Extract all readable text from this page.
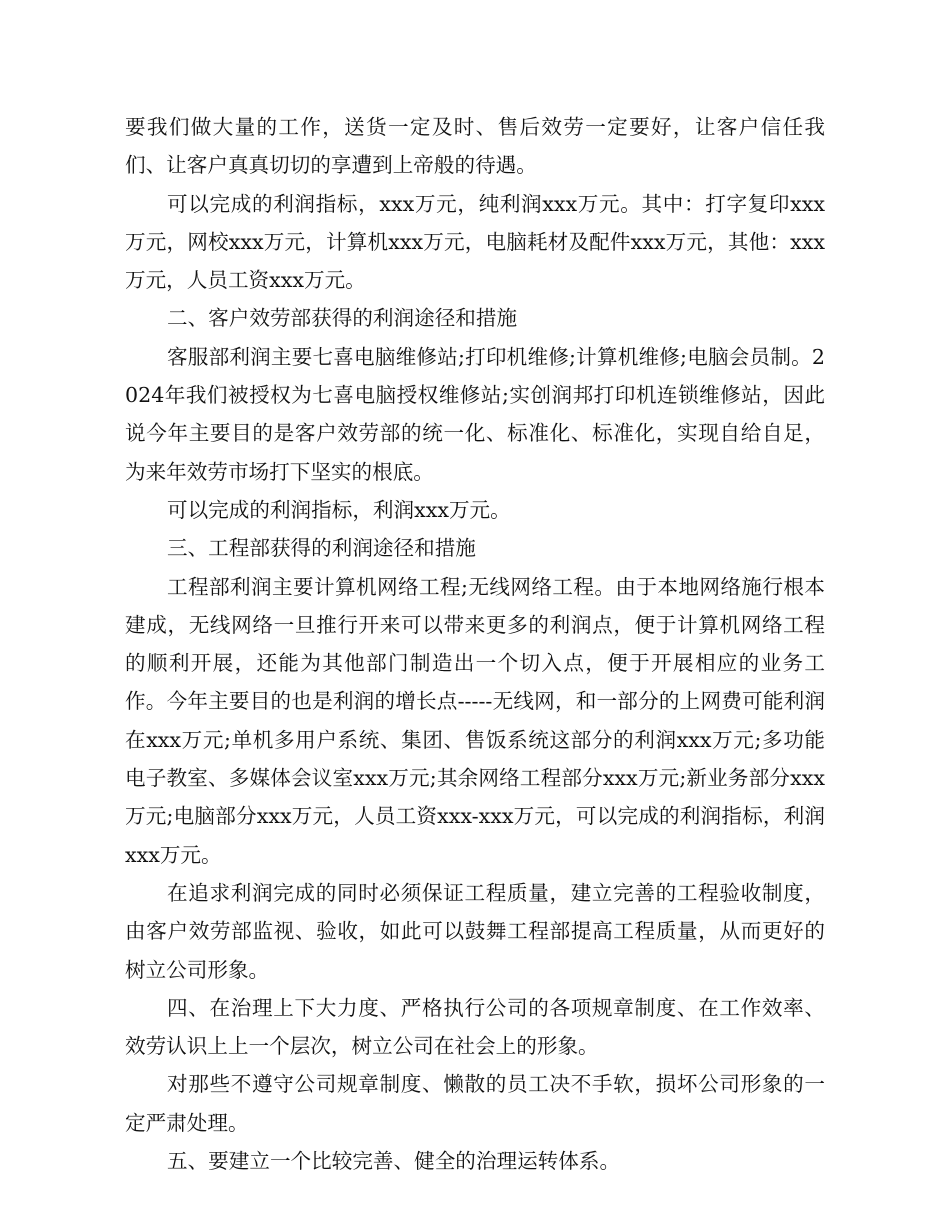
要我们做大量的工作，送货一定及时、售后效劳一定要好，让客户信任我们、让客户真真切切的享遭到上帝般的待遇。

可以完成的利润指标，xxx万元，纯利润xxx万元。其中：打字复印xxx万元，网校xxx万元，计算机xxx万元，电脑耗材及配件xxx万元，其他：xxx万元，人员工资xxx万元。

二、客户效劳部获得的利润途径和措施

客服部利润主要七喜电脑维修站;打印机维修;计算机维修;电脑会员制。2024年我们被授权为七喜电脑授权维修站;实创润邦打印机连锁维修站，因此说今年主要目的是客户效劳部的统一化、标准化、标准化，实现自给自足，为来年效劳市场打下坚实的根底。

可以完成的利润指标，利润xxx万元。

三、工程部获得的利润途径和措施

工程部利润主要计算机网络工程;无线网络工程。由于本地网络施行根本建成，无线网络一旦推行开来可以带来更多的利润点，便于计算机网络工程的顺利开展，还能为其他部门制造出一个切入点，便于开展相应的业务工作。今年主要目的也是利润的增长点-----无线网，和一部分的上网费可能利润在xxx万元;单机多用户系统、集团、售饭系统这部分的利润xxx万元;多功能电子教室、多媒体会议室xxx万元;其余网络工程部分xxx万元;新业务部分xxx万元;电脑部分xxx万元，人员工资xxx-xxx万元，可以完成的利润指标，利润xxx万元。

在追求利润完成的同时必须保证工程质量，建立完善的工程验收制度，由客户效劳部监视、验收，如此可以鼓舞工程部提高工程质量，从而更好的树立公司形象。

四、在治理上下大力度、严格执行公司的各项规章制度、在工作效率、效劳认识上上一个层次，树立公司在社会上的形象。

对那些不遵守公司规章制度、懒散的员工决不手软，损坏公司形象的一定严肃处理。

五、要建立一个比较完善、健全的治理运转体系。
